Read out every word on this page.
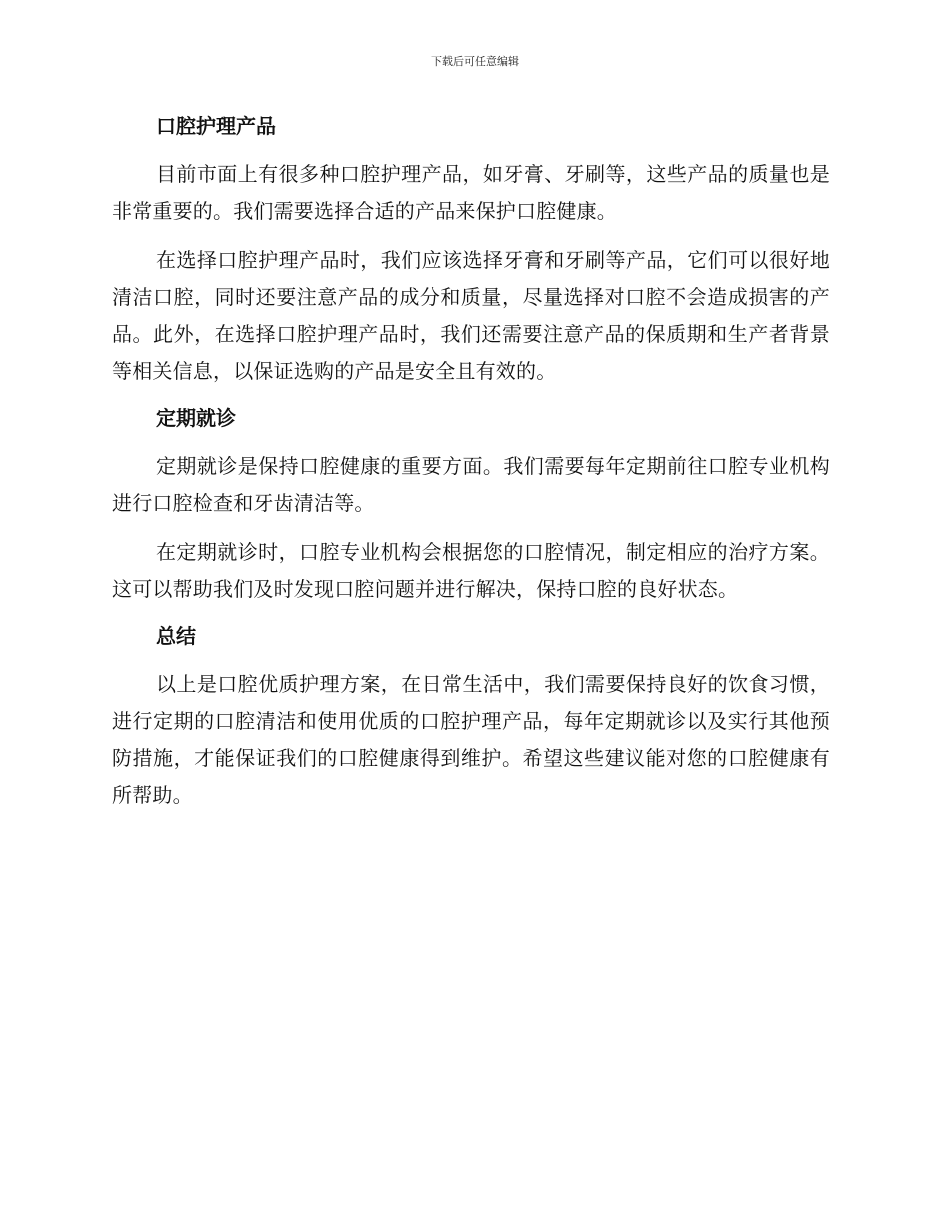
下载后可任意编辑
口腔护理产品

目前市面上有很多种口腔护理产品，如牙膏、牙刷等，这些产品的质量也是非常重要的。我们需要选择合适的产品来保护口腔健康。

在选择口腔护理产品时，我们应该选择牙膏和牙刷等产品，它们可以很好地清洁口腔，同时还要注意产品的成分和质量，尽量选择对口腔不会造成损害的产品。此外，在选择口腔护理产品时，我们还需要注意产品的保质期和生产者背景等相关信息，以保证选购的产品是安全且有效的。

定期就诊

定期就诊是保持口腔健康的重要方面。我们需要每年定期前往口腔专业机构进行口腔检查和牙齿清洁等。

在定期就诊时，口腔专业机构会根据您的口腔情况，制定相应的治疗方案。这可以帮助我们及时发现口腔问题并进行解决，保持口腔的良好状态。

总结

以上是口腔优质护理方案，在日常生活中，我们需要保持良好的饮食习惯，进行定期的口腔清洁和使用优质的口腔护理产品，每年定期就诊以及实行其他预防措施，才能保证我们的口腔健康得到维护。希望这些建议能对您的口腔健康有所帮助。
